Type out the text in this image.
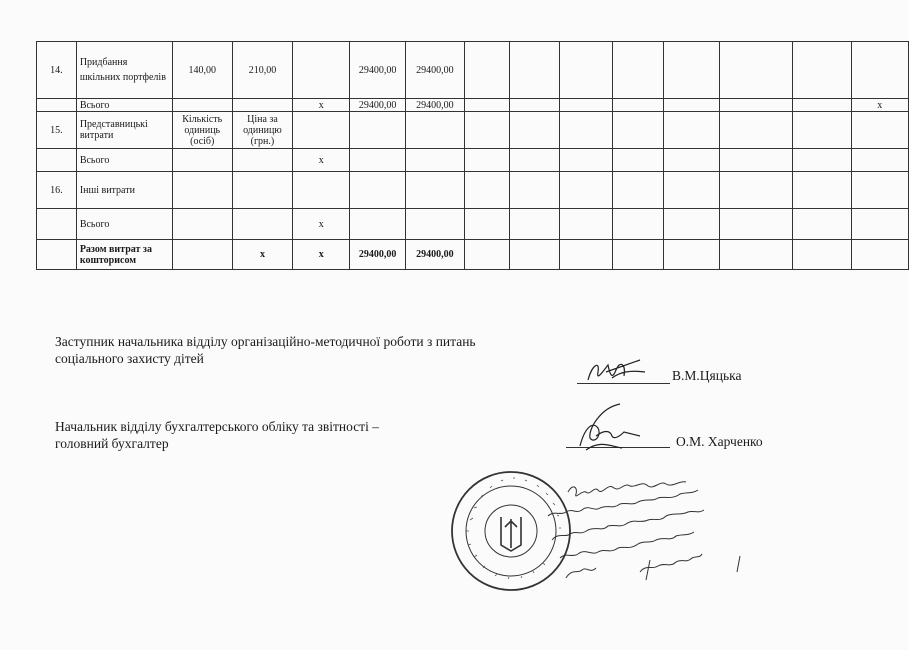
14.	Придбання шкільних портфелів	140,00	210,00		29400,00	29400,00								
	Всього			x	29400,00	29400,00								x
15.	Представницькі витрати	Кількість одиниць (осіб)	Ціна за одиницю (грн.)											
	Всього			x										
16.	Інші витрати													
	Всього			x										
	Разом витрат за кошторисом		x	x	29400,00	29400,00								
Заступник начальника відділу організаційно-методичної роботи з питань соціального захисту дітей
В.М.Цяцька
Начальник відділу бухгалтерського обліку та звітності – головний бухгалтер	О.М. Харченко
